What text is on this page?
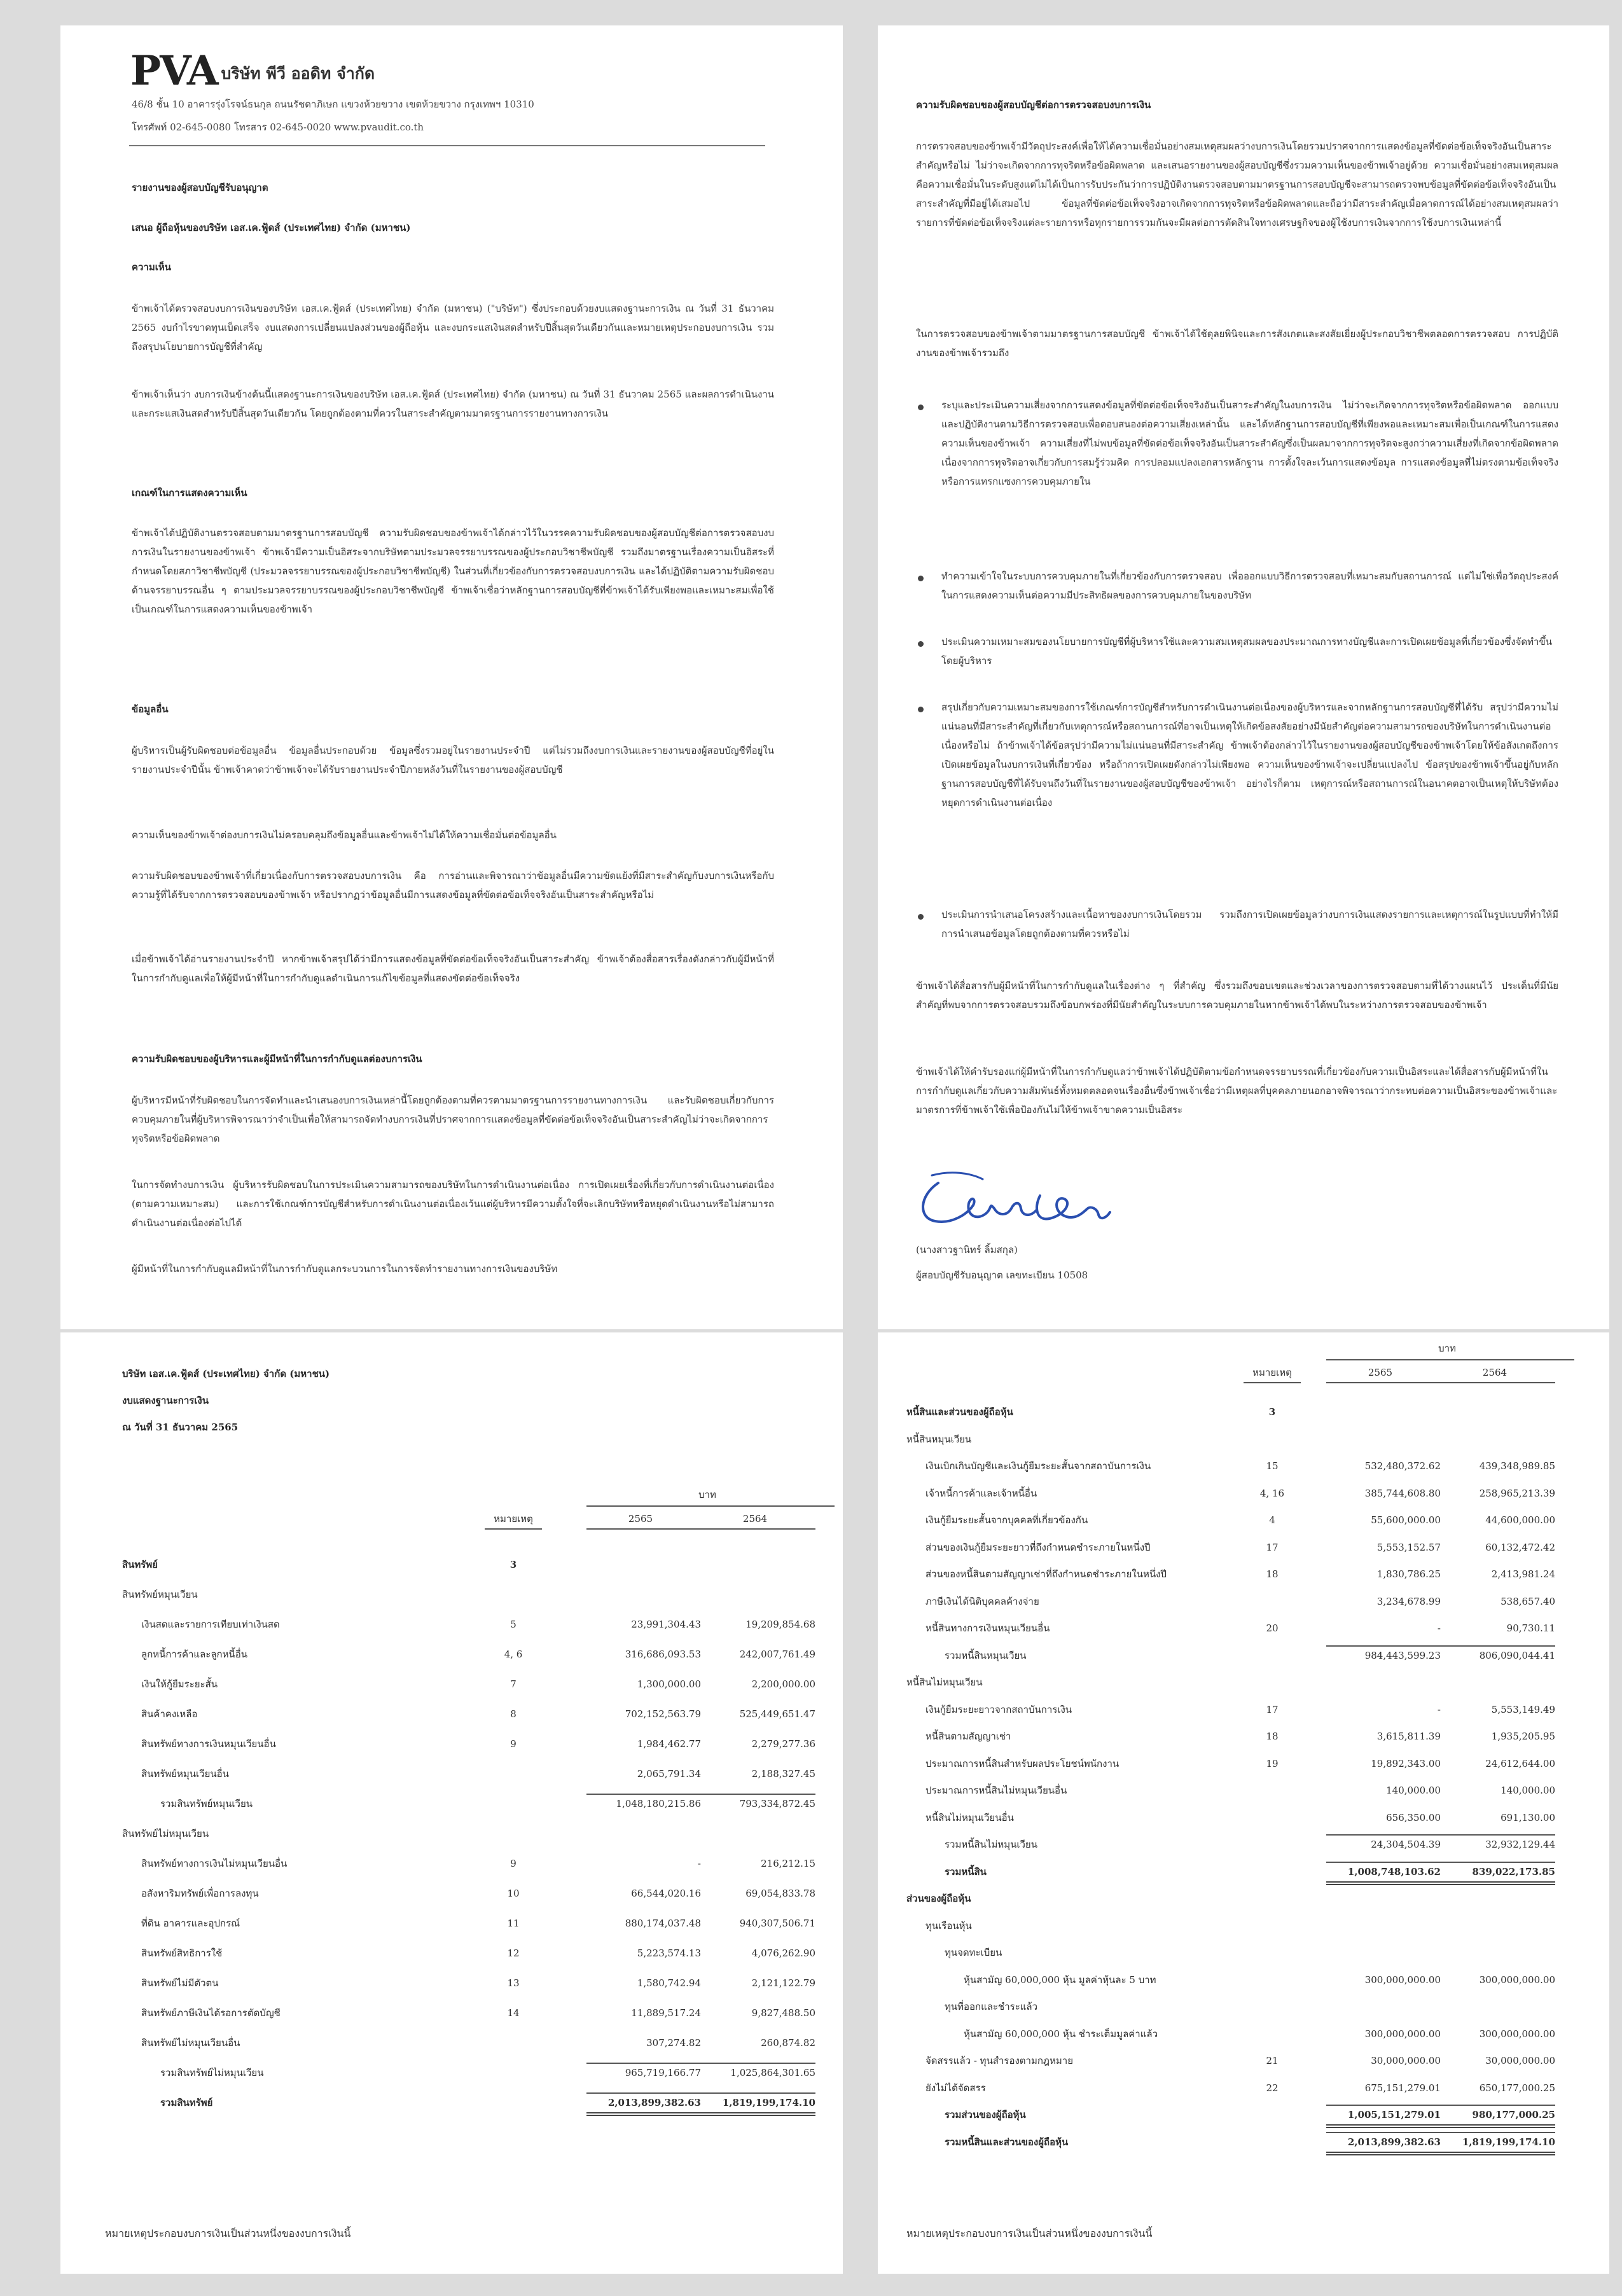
PVA บริษัท พีวี ออดิท จำกัด
46/8 ชั้น 10 อาคารรุ่งโรจน์ธนกุล ถนนรัชดาภิเษก แขวงห้วยขวาง เขตห้วยขวาง กรุงเทพฯ 10310
โทรศัพท์ 02-645-0080 โทรสาร 02-645-0020 www.pvaudit.co.th
รายงานของผู้สอบบัญชีรับอนุญาต
เสนอ ผู้ถือหุ้นของบริษัท เอส.เค.ฟู้ดส์ (ประเทศไทย) จำกัด (มหาชน)
ความเห็น
ข้าพเจ้าได้ตรวจสอบงบการเงินของบริษัท เอส.เค.ฟู้ดส์ (ประเทศไทย) จำกัด (มหาชน) ("บริษัท") ซึ่งประกอบด้วยงบแสดงฐานะการเงิน ณ วันที่ 31 ธันวาคม 2565 งบกำไรขาดทุนเบ็ดเสร็จ งบแสดงการเปลี่ยนแปลงส่วนของผู้ถือหุ้น และงบกระแสเงินสดสำหรับปีสิ้นสุดวันเดียวกันและหมายเหตุประกอบงบการเงิน รวมถึงสรุปนโยบายการบัญชีที่สำคัญ
ข้าพเจ้าเห็นว่า งบการเงินข้างต้นนี้แสดงฐานะการเงินของบริษัท เอส.เค.ฟู้ดส์ (ประเทศไทย) จำกัด (มหาชน) ณ วันที่ 31 ธันวาคม 2565 และผลการดำเนินงาน และกระแสเงินสดสำหรับปีสิ้นสุดวันเดียวกัน โดยถูกต้องตามที่ควรในสาระสำคัญตามมาตรฐานการรายงานทางการเงิน
เกณฑ์ในการแสดงความเห็น
ข้าพเจ้าได้ปฏิบัติงานตรวจสอบตามมาตรฐานการสอบบัญชี ความรับผิดชอบของข้าพเจ้าได้กล่าวไว้ในวรรคความรับผิดชอบของผู้สอบบัญชีต่อการตรวจสอบงบการเงินในรายงานของข้าพเจ้า ข้าพเจ้ามีความเป็นอิสระจากบริษัทตามประมวลจรรยาบรรณของผู้ประกอบวิชาชีพบัญชี รวมถึงมาตรฐานเรื่องความเป็นอิสระที่กำหนดโดยสภาวิชาชีพบัญชี (ประมวลจรรยาบรรณของผู้ประกอบวิชาชีพบัญชี) ในส่วนที่เกี่ยวข้องกับการตรวจสอบงบการเงิน และได้ปฏิบัติตามความรับผิดชอบด้านจรรยาบรรณอื่น ๆ ตามประมวลจรรยาบรรณของผู้ประกอบวิชาชีพบัญชี ข้าพเจ้าเชื่อว่าหลักฐานการสอบบัญชีที่ข้าพเจ้าได้รับเพียงพอและเหมาะสมเพื่อใช้เป็นเกณฑ์ในการแสดงความเห็นของข้าพเจ้า
ข้อมูลอื่น
ผู้บริหารเป็นผู้รับผิดชอบต่อข้อมูลอื่น ข้อมูลอื่นประกอบด้วย ข้อมูลซึ่งรวมอยู่ในรายงานประจำปี แต่ไม่รวมถึงงบการเงินและรายงานของผู้สอบบัญชีที่อยู่ในรายงานประจำปีนั้น ข้าพเจ้าคาดว่าข้าพเจ้าจะได้รับรายงานประจำปีภายหลังวันที่ในรายงานของผู้สอบบัญชี
ความเห็นของข้าพเจ้าต่องบการเงินไม่ครอบคลุมถึงข้อมูลอื่นและข้าพเจ้าไม่ได้ให้ความเชื่อมั่นต่อข้อมูลอื่น
ความรับผิดชอบของข้าพเจ้าที่เกี่ยวเนื่องกับการตรวจสอบงบการเงิน คือ การอ่านและพิจารณาว่าข้อมูลอื่นมีความขัดแย้งที่มีสาระสำคัญกับงบการเงินหรือกับความรู้ที่ได้รับจากการตรวจสอบของข้าพเจ้า หรือปรากฏว่าข้อมูลอื่นมีการแสดงข้อมูลที่ขัดต่อข้อเท็จจริงอันเป็นสาระสำคัญหรือไม่
เมื่อข้าพเจ้าได้อ่านรายงานประจำปี หากข้าพเจ้าสรุปได้ว่ามีการแสดงข้อมูลที่ขัดต่อข้อเท็จจริงอันเป็นสาระสำคัญ ข้าพเจ้าต้องสื่อสารเรื่องดังกล่าวกับผู้มีหน้าที่ในการกำกับดูแลเพื่อให้ผู้มีหน้าที่ในการกำกับดูแลดำเนินการแก้ไขข้อมูลที่แสดงขัดต่อข้อเท็จจริง
ความรับผิดชอบของผู้บริหารและผู้มีหน้าที่ในการกำกับดูแลต่องบการเงิน
ผู้บริหารมีหน้าที่รับผิดชอบในการจัดทำและนำเสนองบการเงินเหล่านี้โดยถูกต้องตามที่ควรตามมาตรฐานการรายงานทางการเงิน และรับผิดชอบเกี่ยวกับการควบคุมภายในที่ผู้บริหารพิจารณาว่าจำเป็นเพื่อให้สามารถจัดทำงบการเงินที่ปราศจากการแสดงข้อมูลที่ขัดต่อข้อเท็จจริงอันเป็นสาระสำคัญไม่ว่าจะเกิดจากการทุจริตหรือข้อผิดพลาด
ในการจัดทำงบการเงิน ผู้บริหารรับผิดชอบในการประเมินความสามารถของบริษัทในการดำเนินงานต่อเนื่อง การเปิดเผยเรื่องที่เกี่ยวกับการดำเนินงานต่อเนื่อง (ตามความเหมาะสม) และการใช้เกณฑ์การบัญชีสำหรับการดำเนินงานต่อเนื่องเว้นแต่ผู้บริหารมีความตั้งใจที่จะเลิกบริษัทหรือหยุดดำเนินงานหรือไม่สามารถดำเนินงานต่อเนื่องต่อไปได้
ผู้มีหน้าที่ในการกำกับดูแลมีหน้าที่ในการกำกับดูแลกระบวนการในการจัดทำรายงานทางการเงินของบริษัท
ความรับผิดชอบของผู้สอบบัญชีต่อการตรวจสอบงบการเงิน
การตรวจสอบของข้าพเจ้ามีวัตถุประสงค์เพื่อให้ได้ความเชื่อมั่นอย่างสมเหตุสมผลว่างบการเงินโดยรวมปราศจากการแสดงข้อมูลที่ขัดต่อข้อเท็จจริงอันเป็นสาระสำคัญหรือไม่ ไม่ว่าจะเกิดจากการทุจริตหรือข้อผิดพลาด และเสนอรายงานของผู้สอบบัญชีซึ่งรวมความเห็นของข้าพเจ้าอยู่ด้วย ความเชื่อมั่นอย่างสมเหตุสมผลคือความเชื่อมั่นในระดับสูงแต่ไม่ได้เป็นการรับประกันว่าการปฏิบัติงานตรวจสอบตามมาตรฐานการสอบบัญชีจะสามารถตรวจพบข้อมูลที่ขัดต่อข้อเท็จจริงอันเป็นสาระสำคัญที่มีอยู่ได้เสมอไป ข้อมูลที่ขัดต่อข้อเท็จจริงอาจเกิดจากการทุจริตหรือข้อผิดพลาดและถือว่ามีสาระสำคัญเมื่อคาดการณ์ได้อย่างสมเหตุสมผลว่ารายการที่ขัดต่อข้อเท็จจริงแต่ละรายการหรือทุกรายการรวมกันจะมีผลต่อการตัดสินใจทางเศรษฐกิจของผู้ใช้งบการเงินจากการใช้งบการเงินเหล่านี้
ในการตรวจสอบของข้าพเจ้าตามมาตรฐานการสอบบัญชี ข้าพเจ้าได้ใช้ดุลยพินิจและการสังเกตและสงสัยเยี่ยงผู้ประกอบวิชาชีพตลอดการตรวจสอบ การปฏิบัติงานของข้าพเจ้ารวมถึง
ระบุและประเมินความเสี่ยงจากการแสดงข้อมูลที่ขัดต่อข้อเท็จจริงอันเป็นสาระสำคัญในงบการเงิน ไม่ว่าจะเกิดจากการทุจริตหรือข้อผิดพลาด ออกแบบและปฏิบัติงานตามวิธีการตรวจสอบเพื่อตอบสนองต่อความเสี่ยงเหล่านั้น และได้หลักฐานการสอบบัญชีที่เพียงพอและเหมาะสมเพื่อเป็นเกณฑ์ในการแสดงความเห็นของข้าพเจ้า ความเสี่ยงที่ไม่พบข้อมูลที่ขัดต่อข้อเท็จจริงอันเป็นสาระสำคัญซึ่งเป็นผลมาจากการทุจริตจะสูงกว่าความเสี่ยงที่เกิดจากข้อผิดพลาด เนื่องจากการทุจริตอาจเกี่ยวกับการสมรู้ร่วมคิด การปลอมแปลงเอกสารหลักฐาน การตั้งใจละเว้นการแสดงข้อมูล การแสดงข้อมูลที่ไม่ตรงตามข้อเท็จจริงหรือการแทรกแซงการควบคุมภายใน
ทำความเข้าใจในระบบการควบคุมภายในที่เกี่ยวข้องกับการตรวจสอบ เพื่อออกแบบวิธีการตรวจสอบที่เหมาะสมกับสถานการณ์ แต่ไม่ใช่เพื่อวัตถุประสงค์ในการแสดงความเห็นต่อความมีประสิทธิผลของการควบคุมภายในของบริษัท
ประเมินความเหมาะสมของนโยบายการบัญชีที่ผู้บริหารใช้และความสมเหตุสมผลของประมาณการทางบัญชีและการเปิดเผยข้อมูลที่เกี่ยวข้องซึ่งจัดทำขึ้นโดยผู้บริหาร
สรุปเกี่ยวกับความเหมาะสมของการใช้เกณฑ์การบัญชีสำหรับการดำเนินงานต่อเนื่องของผู้บริหารและจากหลักฐานการสอบบัญชีที่ได้รับ สรุปว่ามีความไม่แน่นอนที่มีสาระสำคัญที่เกี่ยวกับเหตุการณ์หรือสถานการณ์ที่อาจเป็นเหตุให้เกิดข้อสงสัยอย่างมีนัยสำคัญต่อความสามารถของบริษัทในการดำเนินงานต่อเนื่องหรือไม่ ถ้าข้าพเจ้าได้ข้อสรุปว่ามีความไม่แน่นอนที่มีสาระสำคัญ ข้าพเจ้าต้องกล่าวไว้ในรายงานของผู้สอบบัญชีของข้าพเจ้าโดยให้ข้อสังเกตถึงการเปิดเผยข้อมูลในงบการเงินที่เกี่ยวข้อง หรือถ้าการเปิดเผยดังกล่าวไม่เพียงพอ ความเห็นของข้าพเจ้าจะเปลี่ยนแปลงไป ข้อสรุปของข้าพเจ้าขึ้นอยู่กับหลักฐานการสอบบัญชีที่ได้รับจนถึงวันที่ในรายงานของผู้สอบบัญชีของข้าพเจ้า อย่างไรก็ตาม เหตุการณ์หรือสถานการณ์ในอนาคตอาจเป็นเหตุให้บริษัทต้องหยุดการดำเนินงานต่อเนื่อง
ประเมินการนำเสนอโครงสร้างและเนื้อหาของงบการเงินโดยรวม รวมถึงการเปิดเผยข้อมูลว่างบการเงินแสดงรายการและเหตุการณ์ในรูปแบบที่ทำให้มีการนำเสนอข้อมูลโดยถูกต้องตามที่ควรหรือไม่
ข้าพเจ้าได้สื่อสารกับผู้มีหน้าที่ในการกำกับดูแลในเรื่องต่าง ๆ ที่สำคัญ ซึ่งรวมถึงขอบเขตและช่วงเวลาของการตรวจสอบตามที่ได้วางแผนไว้ ประเด็นที่มีนัยสำคัญที่พบจากการตรวจสอบรวมถึงข้อบกพร่องที่มีนัยสำคัญในระบบการควบคุมภายในหากข้าพเจ้าได้พบในระหว่างการตรวจสอบของข้าพเจ้า
ข้าพเจ้าได้ให้คำรับรองแก่ผู้มีหน้าที่ในการกำกับดูแลว่าข้าพเจ้าได้ปฏิบัติตามข้อกำหนดจรรยาบรรณที่เกี่ยวข้องกับความเป็นอิสระและได้สื่อสารกับผู้มีหน้าที่ในการกำกับดูแลเกี่ยวกับความสัมพันธ์ทั้งหมดตลอดจนเรื่องอื่นซึ่งข้าพเจ้าเชื่อว่ามีเหตุผลที่บุคคลภายนอกอาจพิจารณาว่ากระทบต่อความเป็นอิสระของข้าพเจ้าและมาตรการที่ข้าพเจ้าใช้เพื่อป้องกันไม่ให้ข้าพเจ้าขาดความเป็นอิสระ
(นางสาวฐานิทร์ ลิ้มสกุล)
ผู้สอบบัญชีรับอนุญาต เลขทะเบียน 10508
บริษัท เอส.เค.ฟู้ดส์ (ประเทศไทย) จำกัด (มหาชน)
งบแสดงฐานะการเงิน
ณ วันที่ 31 ธันวาคม 2565
บาท
หมายเหตุ	2565	2564
สินทรัพย์	3
สินทรัพย์หมุนเวียน
เงินสดและรายการเทียบเท่าเงินสด	5	23,991,304.43	19,209,854.68
ลูกหนี้การค้าและลูกหนี้อื่น	4, 6	316,686,093.53	242,007,761.49
เงินให้กู้ยืมระยะสั้น	7	1,300,000.00	2,200,000.00
สินค้าคงเหลือ	8	702,152,563.79	525,449,651.47
สินทรัพย์ทางการเงินหมุนเวียนอื่น	9	1,984,462.77	2,279,277.36
สินทรัพย์หมุนเวียนอื่น	2,065,791.34	2,188,327.45
รวมสินทรัพย์หมุนเวียน	1,048,180,215.86	793,334,872.45
สินทรัพย์ไม่หมุนเวียน
สินทรัพย์ทางการเงินไม่หมุนเวียนอื่น	9	-	216,212.15
อสังหาริมทรัพย์เพื่อการลงทุน	10	66,544,020.16	69,054,833.78
ที่ดิน อาคารและอุปกรณ์	11	880,174,037.48	940,307,506.71
สินทรัพย์สิทธิการใช้	12	5,223,574.13	4,076,262.90
สินทรัพย์ไม่มีตัวตน	13	1,580,742.94	2,121,122.79
สินทรัพย์ภาษีเงินได้รอการตัดบัญชี	14	11,889,517.24	9,827,488.50
สินทรัพย์ไม่หมุนเวียนอื่น	307,274.82	260,874.82
รวมสินทรัพย์ไม่หมุนเวียน	965,719,166.77	1,025,864,301.65
รวมสินทรัพย์	2,013,899,382.63	1,819,199,174.10
หมายเหตุประกอบงบการเงินเป็นส่วนหนึ่งของงบการเงินนี้
บาท
หมายเหตุ	2565	2564
หนี้สินและส่วนของผู้ถือหุ้น	3
หนี้สินหมุนเวียน
เงินเบิกเกินบัญชีและเงินกู้ยืมระยะสั้นจากสถาบันการเงิน	15	532,480,372.62	439,348,989.85
เจ้าหนี้การค้าและเจ้าหนี้อื่น	4, 16	385,744,608.80	258,965,213.39
เงินกู้ยืมระยะสั้นจากบุคคลที่เกี่ยวข้องกัน	4	55,600,000.00	44,600,000.00
ส่วนของเงินกู้ยืมระยะยาวที่ถึงกำหนดชำระภายในหนึ่งปี	17	5,553,152.57	60,132,472.42
ส่วนของหนี้สินตามสัญญาเช่าที่ถึงกำหนดชำระภายในหนึ่งปี	18	1,830,786.25	2,413,981.24
ภาษีเงินได้นิติบุคคลค้างจ่าย	3,234,678.99	538,657.40
หนี้สินทางการเงินหมุนเวียนอื่น	20	-	90,730.11
รวมหนี้สินหมุนเวียน	984,443,599.23	806,090,044.41
หนี้สินไม่หมุนเวียน
เงินกู้ยืมระยะยาวจากสถาบันการเงิน	17	-	5,553,149.49
หนี้สินตามสัญญาเช่า	18	3,615,811.39	1,935,205.95
ประมาณการหนี้สินสำหรับผลประโยชน์พนักงาน	19	19,892,343.00	24,612,644.00
ประมาณการหนี้สินไม่หมุนเวียนอื่น	140,000.00	140,000.00
หนี้สินไม่หมุนเวียนอื่น	656,350.00	691,130.00
รวมหนี้สินไม่หมุนเวียน	24,304,504.39	32,932,129.44
รวมหนี้สิน	1,008,748,103.62	839,022,173.85
ส่วนของผู้ถือหุ้น
ทุนเรือนหุ้น
ทุนจดทะเบียน
หุ้นสามัญ 60,000,000 หุ้น มูลค่าหุ้นละ 5 บาท	300,000,000.00	300,000,000.00
ทุนที่ออกและชำระแล้ว
หุ้นสามัญ 60,000,000 หุ้น ชำระเต็มมูลค่าแล้ว	300,000,000.00	300,000,000.00
จัดสรรแล้ว - ทุนสำรองตามกฎหมาย	21	30,000,000.00	30,000,000.00
ยังไม่ได้จัดสรร	22	675,151,279.01	650,177,000.25
รวมส่วนของผู้ถือหุ้น	1,005,151,279.01	980,177,000.25
รวมหนี้สินและส่วนของผู้ถือหุ้น	2,013,899,382.63	1,819,199,174.10
หมายเหตุประกอบงบการเงินเป็นส่วนหนึ่งของงบการเงินนี้
